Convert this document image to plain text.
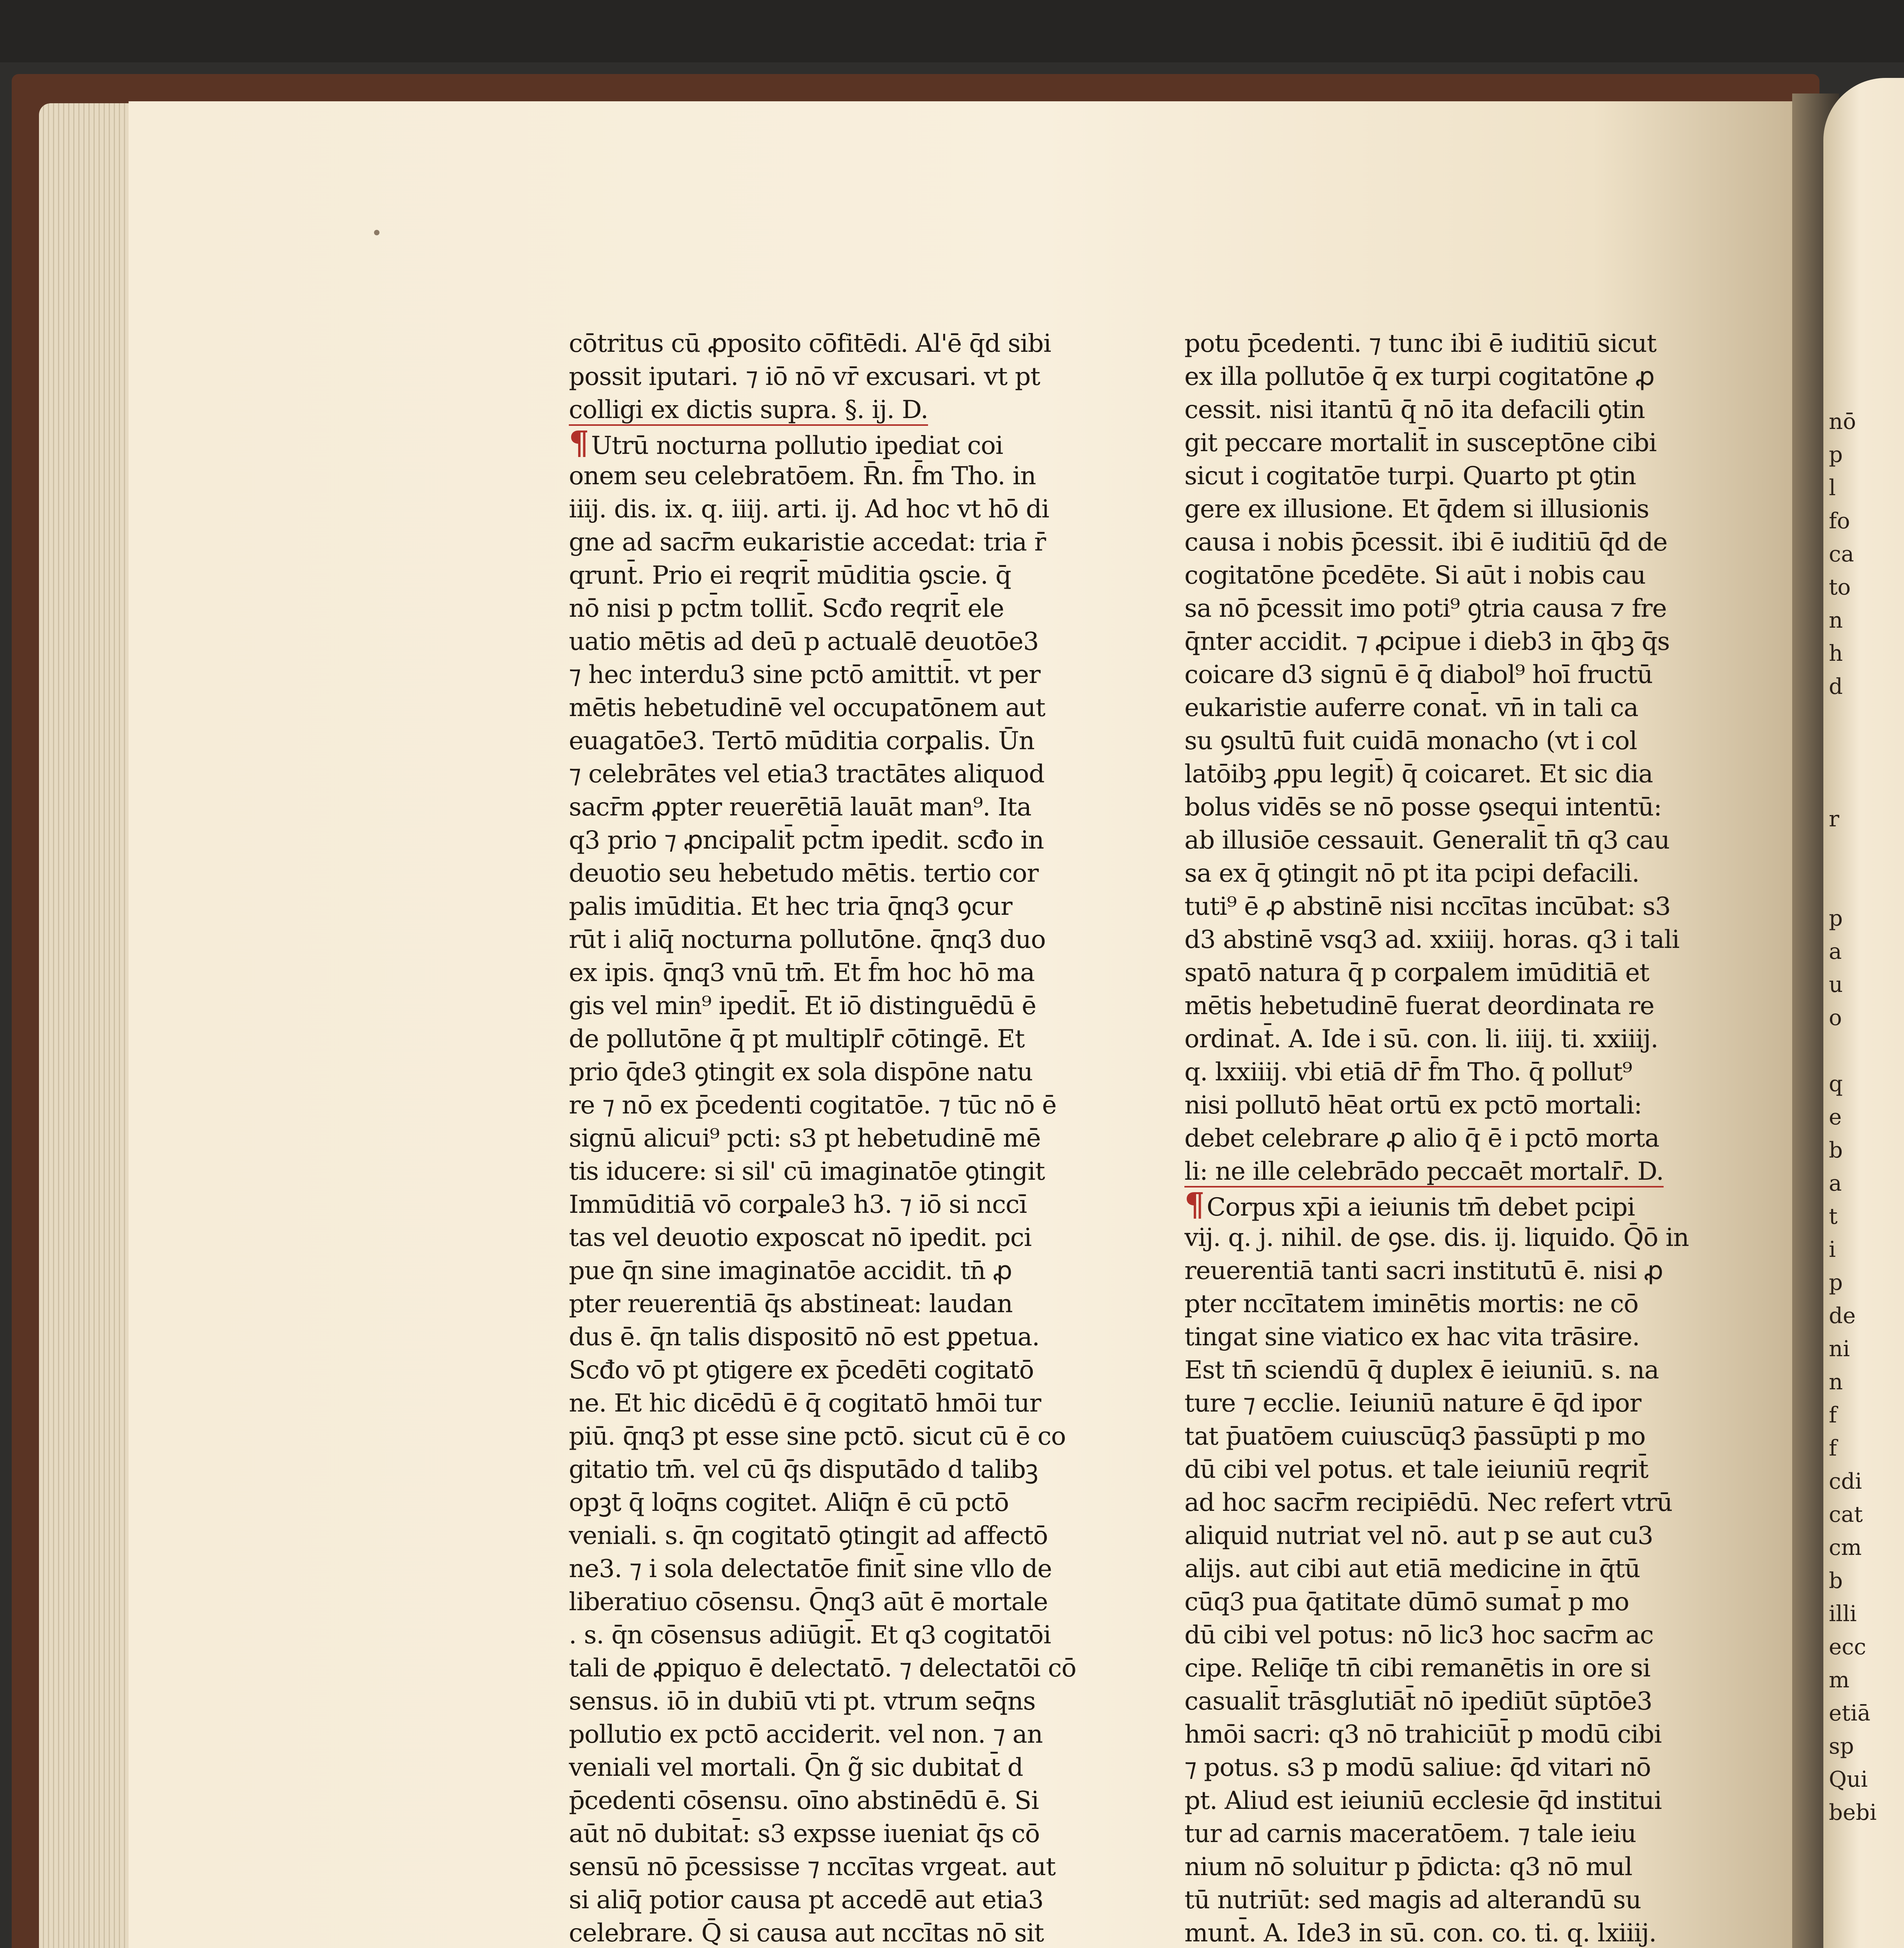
nō
p
l
fo
ca
to
n
h
d
r
p
a
u
o
q
e
b
a
t
i
p
de
ni
n
f
f
cdi
cat
cm
b
illi
ecc
m
etiā
sp
Qui
bebi
cōtritus cū ꝓposito cōfitēdi. Al'ē q̄d sibi
possit iputari. ⁊ iō nō vr̄ excusari. vt pt
colligi ex dictis supra. §. ij. D.
¶Utrū nocturna pollutio ipediat coi
onem seu celebratōem. R̄n. f̄m Tho. in
iiij. dis. ix. q. iiij. arti. ij. Ad hoc vt hō di
gne ad sacr̄m eukaristie accedat: tria r̄
qrunt̄. Prio ei reqrit̄ mūditia ꝯscie. q̄
nō nisi p pct̄m tollit̄. Scđo reqrit̄ ele
uatio mētis ad deū p actualē deuotōe3
⁊ hec interdu3 sine pctō amittit̄. vt per
mētis hebetudinē vel occupatōnem aut
euagatōe3. Tertō mūditia corꝑalis. Ūn
⁊ celebrātes vel etia3 tractātes aliquod
sacr̄m ꝓpter reuerētiā lauāt man⁹. Ita
q3 prio ⁊ ꝓncipalit̄ pct̄m ipedit. scđo in
deuotio seu hebetudo mētis. tertio cor
palis imūditia. Et hec tria q̄nq3 ꝯcur
rūt i aliq̄ nocturna pollutōne. q̄nq3 duo
ex ipis. q̄nq3 vnū tm̄. Et f̄m hoc hō ma
gis vel min⁹ ipedit̄. Et iō distinguēdū ē
de pollutōne q̄ pt multiplr̄ cōtingē. Et
prio q̄de3 ꝯtingit ex sola dispōne natu
re ⁊ nō ex p̄cedenti cogitatōe. ⁊ tūc nō ē
signū alicui⁹ pcti: s3 pt hebetudinē mē
tis iducere: si sil' cū imaginatōe ꝯtingit
Immūditiā vō corꝑale3 h3. ⁊ iō si nccī
tas vel deuotio exposcat nō ipedit. pci
pue q̄n sine imaginatōe accidit. tn̄ ꝓ
pter reuerentiā q̄s abstineat: laudan
dus ē. q̄n talis dispositō nō est ꝑpetua.
Scđo vō pt ꝯtigere ex p̄cedēti cogitatō
ne. Et hic dicēdū ē q̄ cogitatō hmōi tur
piū. q̄nq3 pt esse sine pctō. sicut cū ē co
gitatio tm̄. vel cū q̄s disputādo d talibꝫ
opꝫt q̄ loq̄ns cogitet. Aliq̄n ē cū pctō
veniali. s. q̄n cogitatō ꝯtingit ad affectō
ne3. ⁊ i sola delectatōe finit̄ sine vllo de
liberatiuo cōsensu. Q̄nq3 aūt ē mortale
. s. q̄n cōsensus adiūgit̄. Et q3 cogitatōi
tali de ꝓpiquo ē delectatō. ⁊ delectatōi cō
sensus. iō in dubiū vti pt. vtrum seq̄ns
pollutio ex pctō acciderit. vel non. ⁊ an
veniali vel mortali. Q̄n g̃ sic dubitat̄ d
p̄cedenti cōsensu. oīno abstinēdū ē. Si
aūt nō dubitat̄: s3 expsse iueniat q̄s cō
sensū nō p̄cessisse ⁊ nccītas vrgeat. aut
si aliq̄ potior causa pt accedē aut etia3
celebrare. Q̄ si causa aut nccītas nō sit
potu p̄cedenti. ⁊ tunc ibi ē iuditiū sicut
ex illa pollutōe q̄ ex turpi cogitatōne ꝓ
cessit. nisi itantū q̄ nō ita defacili ꝯtin
git peccare mortalit̄ in susceptōne cibi
sicut i cogitatōe turpi. Quarto pt ꝯtin
gere ex illusione. Et q̄dem si illusionis
causa i nobis p̄cessit. ibi ē iuditiū q̄d de
cogitatōne p̄cedēte. Si aūt i nobis cau
sa nō p̄cessit imo poti⁹ ꝯtria causa ⁊ fre
q̄nter accidit. ⁊ ꝓcipue i dieb3 in q̄bꝫ q̄s
coicare d3 signū ē q̄ diabol⁹ hoī fructū
eukaristie auferre conat̄. vn̄ in tali ca
su ꝯsultū fuit cuidā monacho (vt i col
latōibꝫ ꝓpu legit̄) q̄ coicaret. Et sic dia
bolus vidēs se nō posse ꝯsequi intentū:
ab illusiōe cessauit. Generalit̄ tn̄ q3 cau
sa ex q̄ ꝯtingit nō pt ita pcipi defacili.
tuti⁹ ē ꝓ abstinē nisi nccītas incūbat: s3
d3 abstinē vsq3 ad. xxiiij. horas. q3 i tali
spatō natura q̄ p corꝑalem imūditiā et
mētis hebetudinē fuerat deordinata re
ordinat̄. A. Ide i sū. con. li. iiij. ti. xxiiij.
q. lxxiiij. vbi etiā dr̄ f̄m Tho. q̄ pollut⁹
nisi pollutō hēat ortū ex pctō mortali:
debet celebrare ꝓ alio q̄ ē i pctō morta
li: ne ille celebrādo peccaēt mortalr̄. D.
¶Corpus xp̄i a ieiunis tm̄ debet pcipi
vij. q. j. nihil. de ꝯse. dis. ij. liquido. Q̄ō in
reuerentiā tanti sacri institutū ē. nisi ꝓ
pter nccītatem iminētis mortis: ne cō
tingat sine viatico ex hac vita trāsire.
Est tn̄ sciendū q̄ duplex ē ieiuniū. s. na
ture ⁊ ecclie. Ieiuniū nature ē q̄d ipor
tat p̄uatōem cuiuscūq3 p̄assūpti p mo
dū cibi vel potus. et tale ieiuniū reqrit̄
ad hoc sacr̄m recipiēdū. Nec refert vtrū
aliquid nutriat vel nō. aut p se aut cu3
alijs. aut cibi aut etiā medicine in q̄tū
cūq3 pua q̄atitate dūmō sumat̄ p mo
dū cibi vel potus: nō lic3 hoc sacr̄m ac
cipe. Reliq̄e tn̄ cibi remanētis in ore si
casualit̄ trāsglutiāt̄ nō ipediūt sūptōe3
hmōi sacri: q3 nō trahiciūt̄ p modū cibi
⁊ potus. s3 p modū saliue: q̄d vitari nō
pt. Aliud est ieiuniū ecclesie q̄d institui
tur ad carnis maceratōem. ⁊ tale ieiu
nium nō soluitur p p̄dicta: q3 nō mul
tū nutriūt: sed magis ad alterandū su
munt̄. A. Ide3 in sū. con. co. ti. q. lxiiij.
